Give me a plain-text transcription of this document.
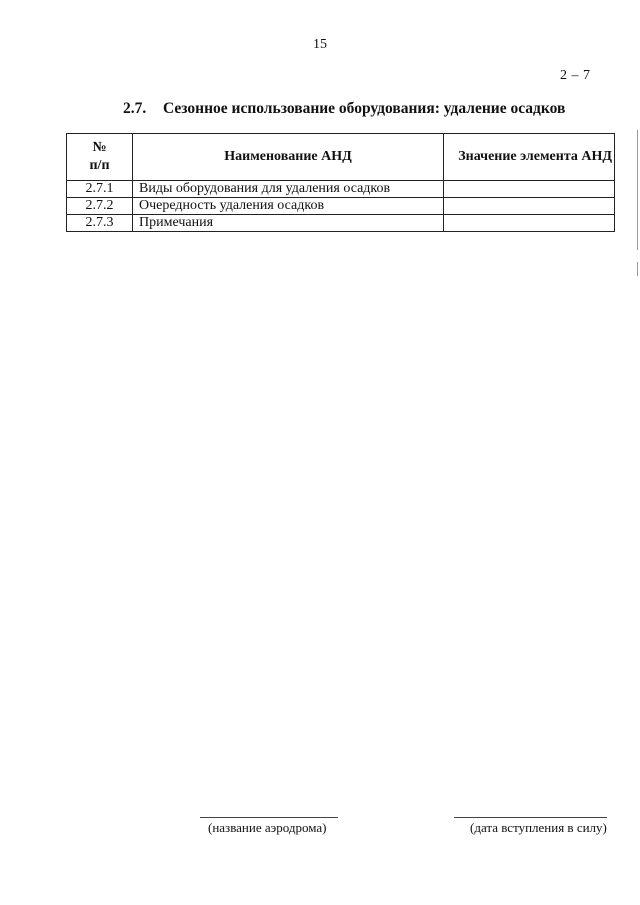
15
2 – 7
2.7. Сезонное использование оборудования: удаление осадков
№
п/п	Наименование АНД	Значение элемента АНД
2.7.1	Виды оборудования для удаления осадков	
2.7.2	Очередность удаления осадков	
2.7.3	Примечания	
(название аэродрома)	(дата вступления в силу)
